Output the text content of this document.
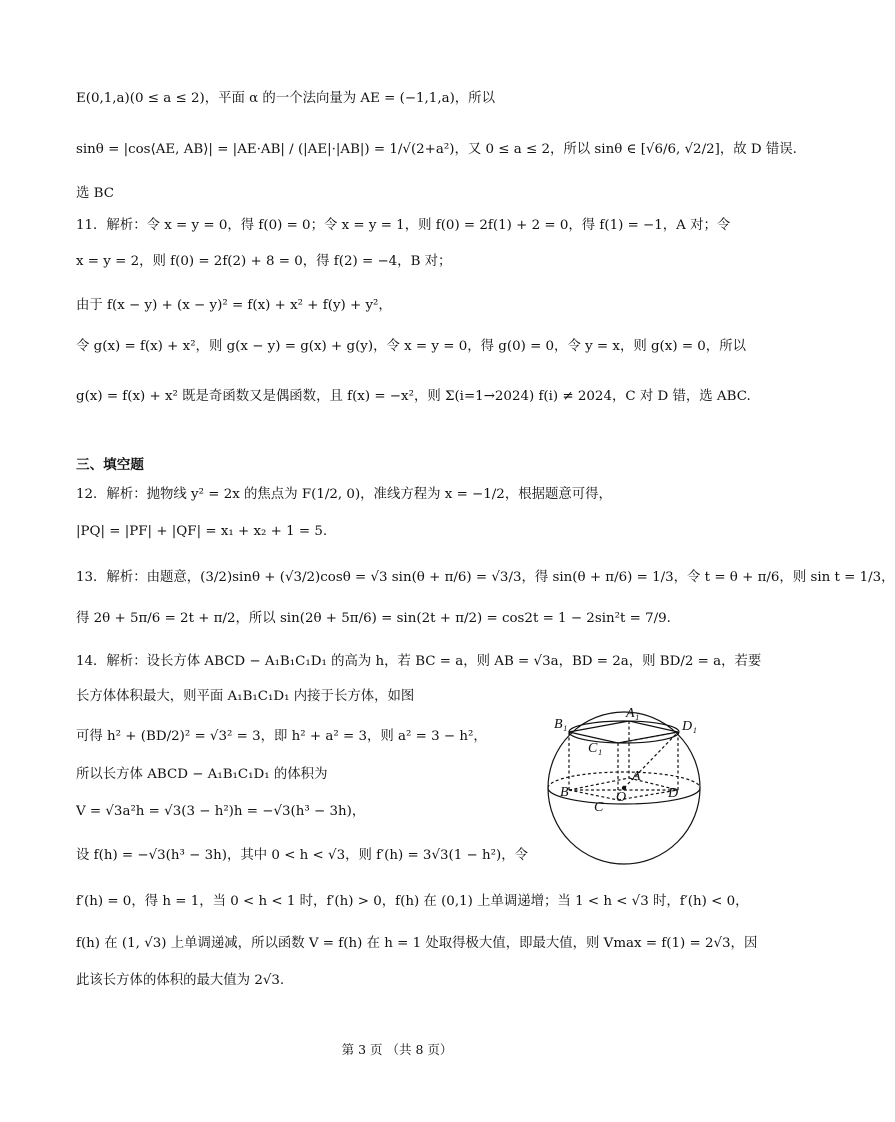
E(0,1,a)(0 ≤ a ≤ 2)，平面 α 的一个法向量为 AE = (−1,1,a)，所以
sinθ = |cos⟨AE, AB⟩| = |AE·AB| / (|AE|·|AB|) = 1/√(2+a²)，又 0 ≤ a ≤ 2，所以 sinθ ∈ [√6/6, √2/2]，故 D 错误.
选 BC
11．解析：令 x = y = 0，得 f(0) = 0；令 x = y = 1，则 f(0) = 2f(1) + 2 = 0，得 f(1) = −1，A 对；令
x = y = 2，则 f(0) = 2f(2) + 8 = 0，得 f(2) = −4，B 对；
由于 f(x − y) + (x − y)² = f(x) + x² + f(y) + y²，
令 g(x) = f(x) + x²，则 g(x − y) = g(x) + g(y)，令 x = y = 0，得 g(0) = 0，令 y = x，则 g(x) = 0，所以
g(x) = f(x) + x² 既是奇函数又是偶函数，且 f(x) = −x²，则 Σ(i=1→2024) f(i) ≠ 2024，C 对 D 错，选 ABC.
三、填空题
12．解析：抛物线 y² = 2x 的焦点为 F(1/2, 0)，准线方程为 x = −1/2，根据题意可得，
|PQ| = |PF| + |QF| = x₁ + x₂ + 1 = 5.
13．解析：由题意，(3/2)sinθ + (√3/2)cosθ = √3 sin(θ + π/6) = √3/3，得 sin(θ + π/6) = 1/3，令 t = θ + π/6，则 sin t = 1/3，
得 2θ + 5π/6 = 2t + π/2，所以 sin(2θ + 5π/6) = sin(2t + π/2) = cos2t = 1 − 2sin²t = 7/9.
14．解析：设长方体 ABCD − A₁B₁C₁D₁ 的高为 h，若 BC = a，则 AB = √3a，BD = 2a，则 BD/2 = a，若要
长方体体积最大，则平面 A₁B₁C₁D₁ 内接于长方体，如图
可得 h² + (BD/2)² = √3² = 3，即 h² + a² = 3，则 a² = 3 − h²，
所以长方体 ABCD − A₁B₁C₁D₁ 的体积为
V = √3a²h = √3(3 − h²)h = −√3(h³ − 3h)，
设 f(h) = −√3(h³ − 3h)，其中 0 < h < √3，则 f′(h) = 3√3(1 − h²)，令
f′(h) = 0，得 h = 1，当 0 < h < 1 时，f′(h) > 0，f(h) 在 (0,1) 上单调递增；当 1 < h < √3 时，f′(h) < 0，
f(h) 在 (1, √3) 上单调递减，所以函数 V = f(h) 在 h = 1 处取得极大值，即最大值，则 Vmax = f(1) = 2√3，因
此该长方体的体积的最大值为 2√3.
B₁
A₁
D₁
C₁
A
B	O	D
C
第 3 页 （共 8 页）
